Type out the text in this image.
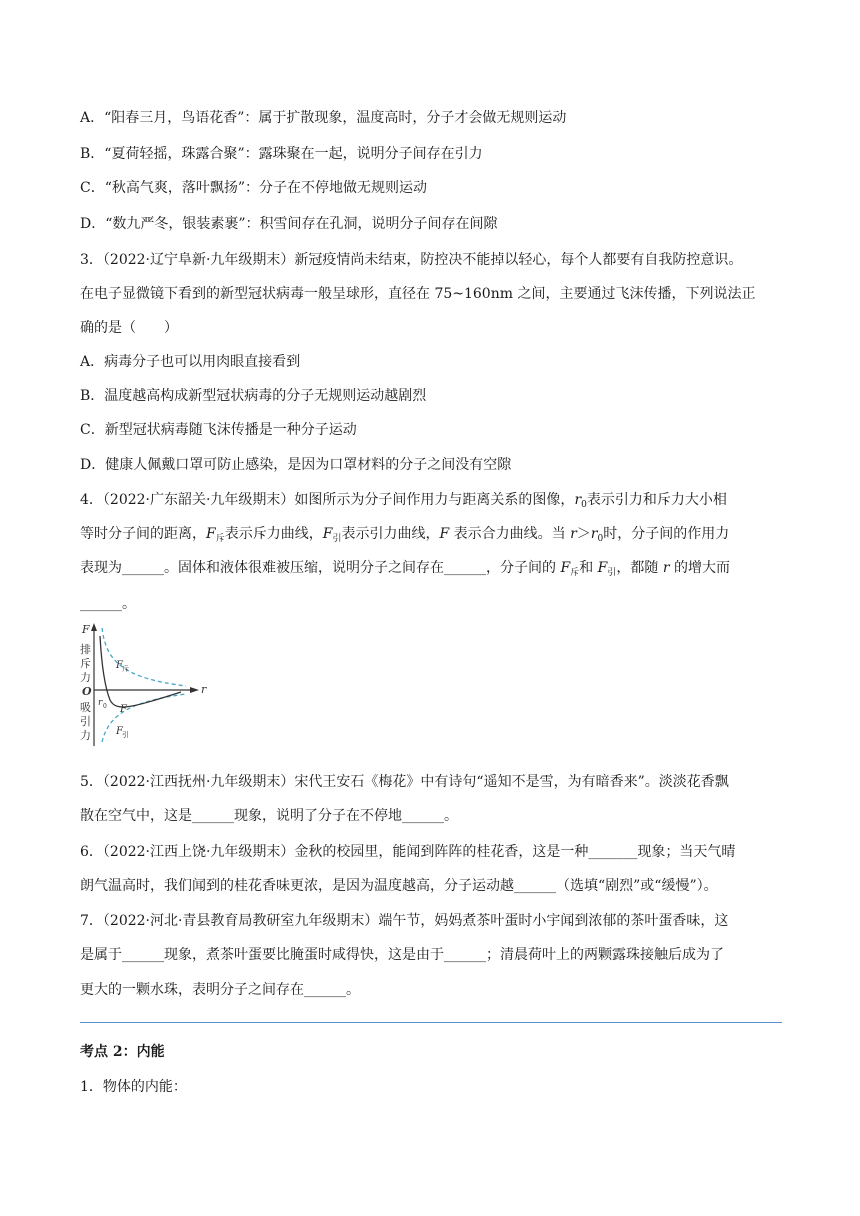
A．“阳春三月，鸟语花香”：属于扩散现象，温度高时，分子才会做无规则运动
B．“夏荷轻摇，珠露合聚”：露珠聚在一起，说明分子间存在引力
C．“秋高气爽，落叶飘扬”：分子在不停地做无规则运动
D．“数九严冬，银装素裹”：积雪间存在孔洞，说明分子间存在间隙
3．（2022·辽宁阜新·九年级期末）新冠疫情尚未结束，防控决不能掉以轻心，每个人都要有自我防控意识。
在电子显微镜下看到的新型冠状病毒一般呈球形，直径在 75~160nm 之间，主要通过飞沫传播，下列说法正
确的是（　　）
A．病毒分子也可以用肉眼直接看到
B．温度越高构成新型冠状病毒的分子无规则运动越剧烈
C．新型冠状病毒随飞沫传播是一种分子运动
D．健康人佩戴口罩可防止感染，是因为口罩材料的分子之间没有空隙
4．（2022·广东韶关·九年级期末）如图所示为分子间作用力与距离关系的图像，$r_0$表示引力和斥力大小相
等时分子间的距离，$F_斥$表示斥力曲线，$F_引$表示引力曲线，F 表示合力曲线。当 $r>r_0$时，分子间的作用力
表现为______。固体和液体很难被压缩，说明分子之间存在______，分子间的 $F_斥$和 $F_引$，都随 r 的增大而
______。
F
排
斥
力
O
吸
引
力
r
F 斥
F
F 引
r 0
5．（2022·江西抚州·九年级期末）宋代王安石《梅花》中有诗句“遥知不是雪，为有暗香来”。淡淡花香飘
散在空气中，这是______现象，说明了分子在不停地______。
6．（2022·江西上饶·九年级期末）金秋的校园里，能闻到阵阵的桂花香，这是一种_______现象；当天气晴
朗气温高时，我们闻到的桂花香味更浓，是因为温度越高，分子运动越______（选填“剧烈”或“缓慢”）。
7．（2022·河北·青县教育局教研室九年级期末）端午节，妈妈煮茶叶蛋时小宇闻到浓郁的茶叶蛋香味，这
是属于______现象，煮茶叶蛋要比腌蛋时咸得快，这是由于______；清晨荷叶上的两颗露珠接触后成为了
更大的一颗水珠，表明分子之间存在______。
考点 2：内能
1．物体的内能：
